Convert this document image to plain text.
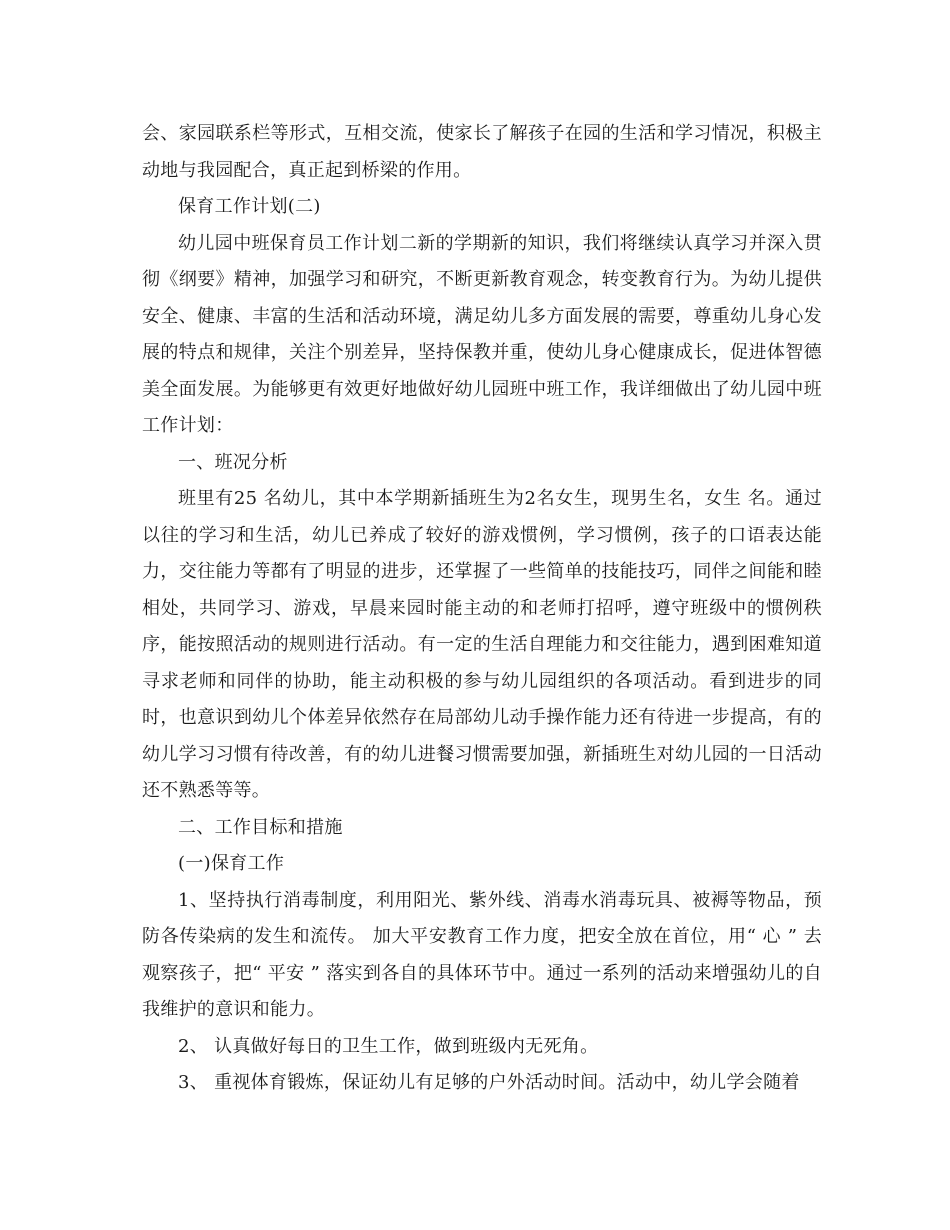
会、家园联系栏等形式，互相交流，使家长了解孩子在园的生活和学习情况，积极主动地与我园配合，真正起到桥梁的作用。

保育工作计划(二)

幼儿园中班保育员工作计划二新的学期新的知识，我们将继续认真学习并深入贯彻《纲要》精神，加强学习和研究，不断更新教育观念，转变教育行为。为幼儿提供安全、健康、丰富的生活和活动环境，满足幼儿多方面发展的需要，尊重幼儿身心发展的特点和规律，关注个别差异，坚持保教并重，使幼儿身心健康成长，促进体智德美全面发展。为能够更有效更好地做好幼儿园班中班工作，我详细做出了幼儿园中班工作计划：

一、班况分析

班里有25 名幼儿，其中本学期新插班生为2名女生，现男生名，女生 名。通过以往的学习和生活，幼儿已养成了较好的游戏惯例，学习惯例，孩子的口语表达能力，交往能力等都有了明显的进步，还掌握了一些简单的技能技巧，同伴之间能和睦相处，共同学习、游戏，早晨来园时能主动的和老师打招呼，遵守班级中的惯例秩序，能按照活动的规则进行活动。有一定的生活自理能力和交往能力，遇到困难知道寻求老师和同伴的协助，能主动积极的参与幼儿园组织的各项活动。看到进步的同时，也意识到幼儿个体差异依然存在局部幼儿动手操作能力还有待进一步提高，有的幼儿学习习惯有待改善，有的幼儿进餐习惯需要加强，新插班生对幼儿园的一日活动还不熟悉等等。

二、工作目标和措施

(一)保育工作

1、坚持执行消毒制度，利用阳光、紫外线、消毒水消毒玩具、被褥等物品，预防各传染病的发生和流传。 加大平安教育工作力度，把安全放在首位，用“ 心 ” 去观察孩子，把“ 平安 ” 落实到各自的具体环节中。通过一系列的活动来增强幼儿的自我维护的意识和能力。

2、 认真做好每日的卫生工作，做到班级内无死角。

3、 重视体育锻炼，保证幼儿有足够的户外活动时间。活动中，幼儿学会随着
